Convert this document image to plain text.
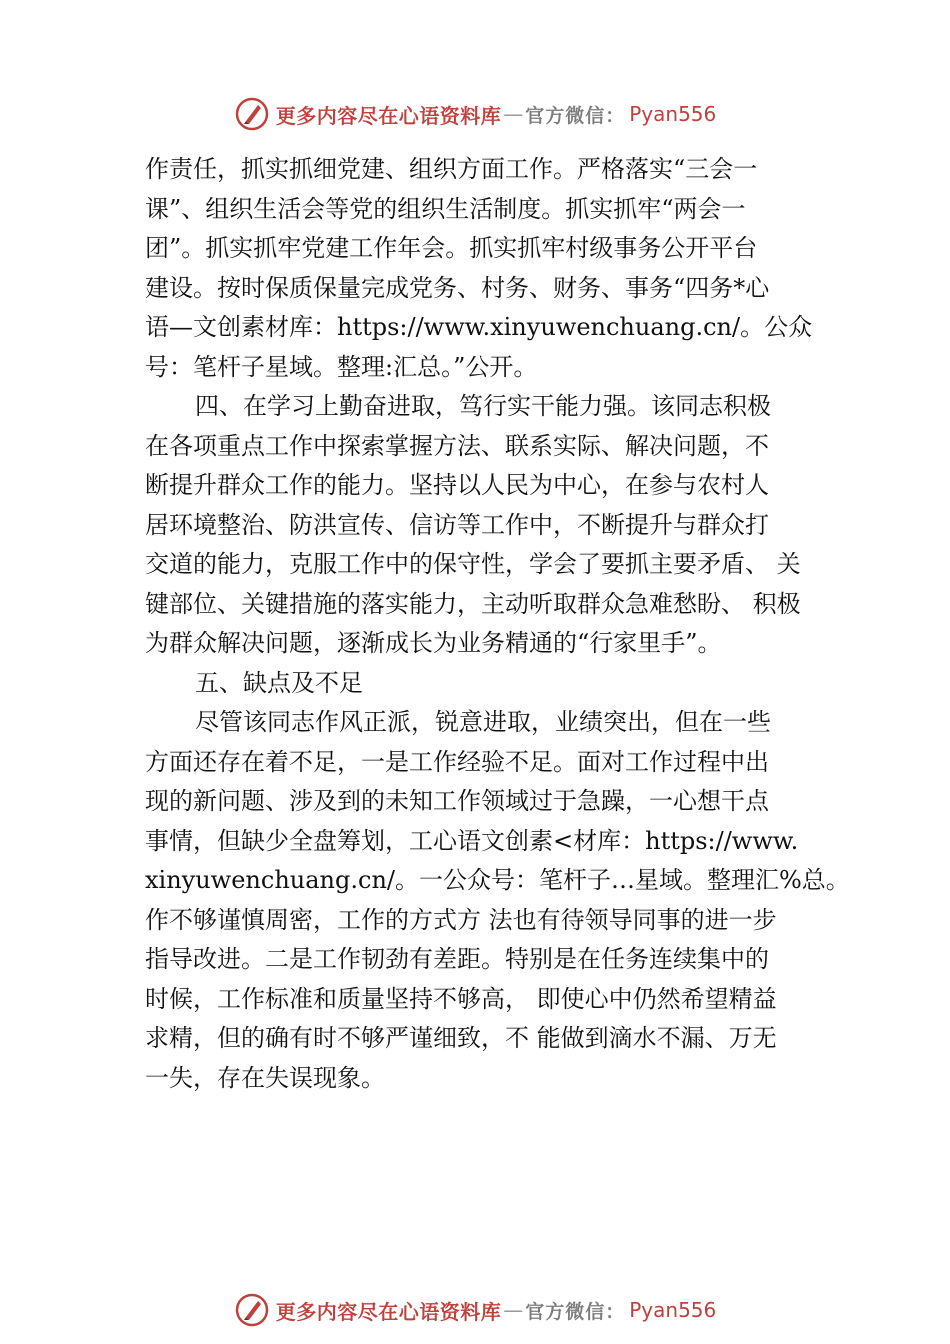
更多内容尽在心语资料库 — 官方微信： Pyan556
作责任，抓实抓细党建、组织方面工作。严格落实“三会一
课”、组织生活会等党的组织生活制度。抓实抓牢“两会一
团”。抓实抓牢党建工作年会。抓实抓牢村级事务公开平台
建设。按时保质保量完成党务、村务、财务、事务“四务*心
语—文创素材库：https://www.xinyuwenchuang.cn/。公众
号：笔杆子星域。整理:汇总。”公开。
四、在学习上勤奋进取，笃行实干能力强。该同志积极
在各项重点工作中探索掌握方法、联系实际、解决问题，不
断提升群众工作的能力。坚持以人民为中心，在参与农村人
居环境整治、防洪宣传、信访等工作中，不断提升与群众打
交道的能力，克服工作中的保守性，学会了要抓主要矛盾、 关
键部位、关键措施的落实能力，主动听取群众急难愁盼、 积极
为群众解决问题，逐渐成长为业务精通的“行家里手”。
五、缺点及不足
尽管该同志作风正派，锐意进取，业绩突出，但在一些
方面还存在着不足，一是工作经验不足。面对工作过程中出
现的新问题、涉及到的未知工作领域过于急躁，一心想干点
事情，但缺少全盘筹划，工心语文创素<材库：https://www.
xinyuwenchuang.cn/。一公众号：笔杆子…星域。整理汇%总。
作不够谨慎周密，工作的方式方 法也有待领导同事的进一步
指导改进。二是工作韧劲有差距。特别是在任务连续集中的
时候，工作标准和质量坚持不够高， 即使心中仍然希望精益
求精，但的确有时不够严谨细致，不 能做到滴水不漏、万无
一失，存在失误现象。
更多内容尽在心语资料库 — 官方微信： Pyan556
